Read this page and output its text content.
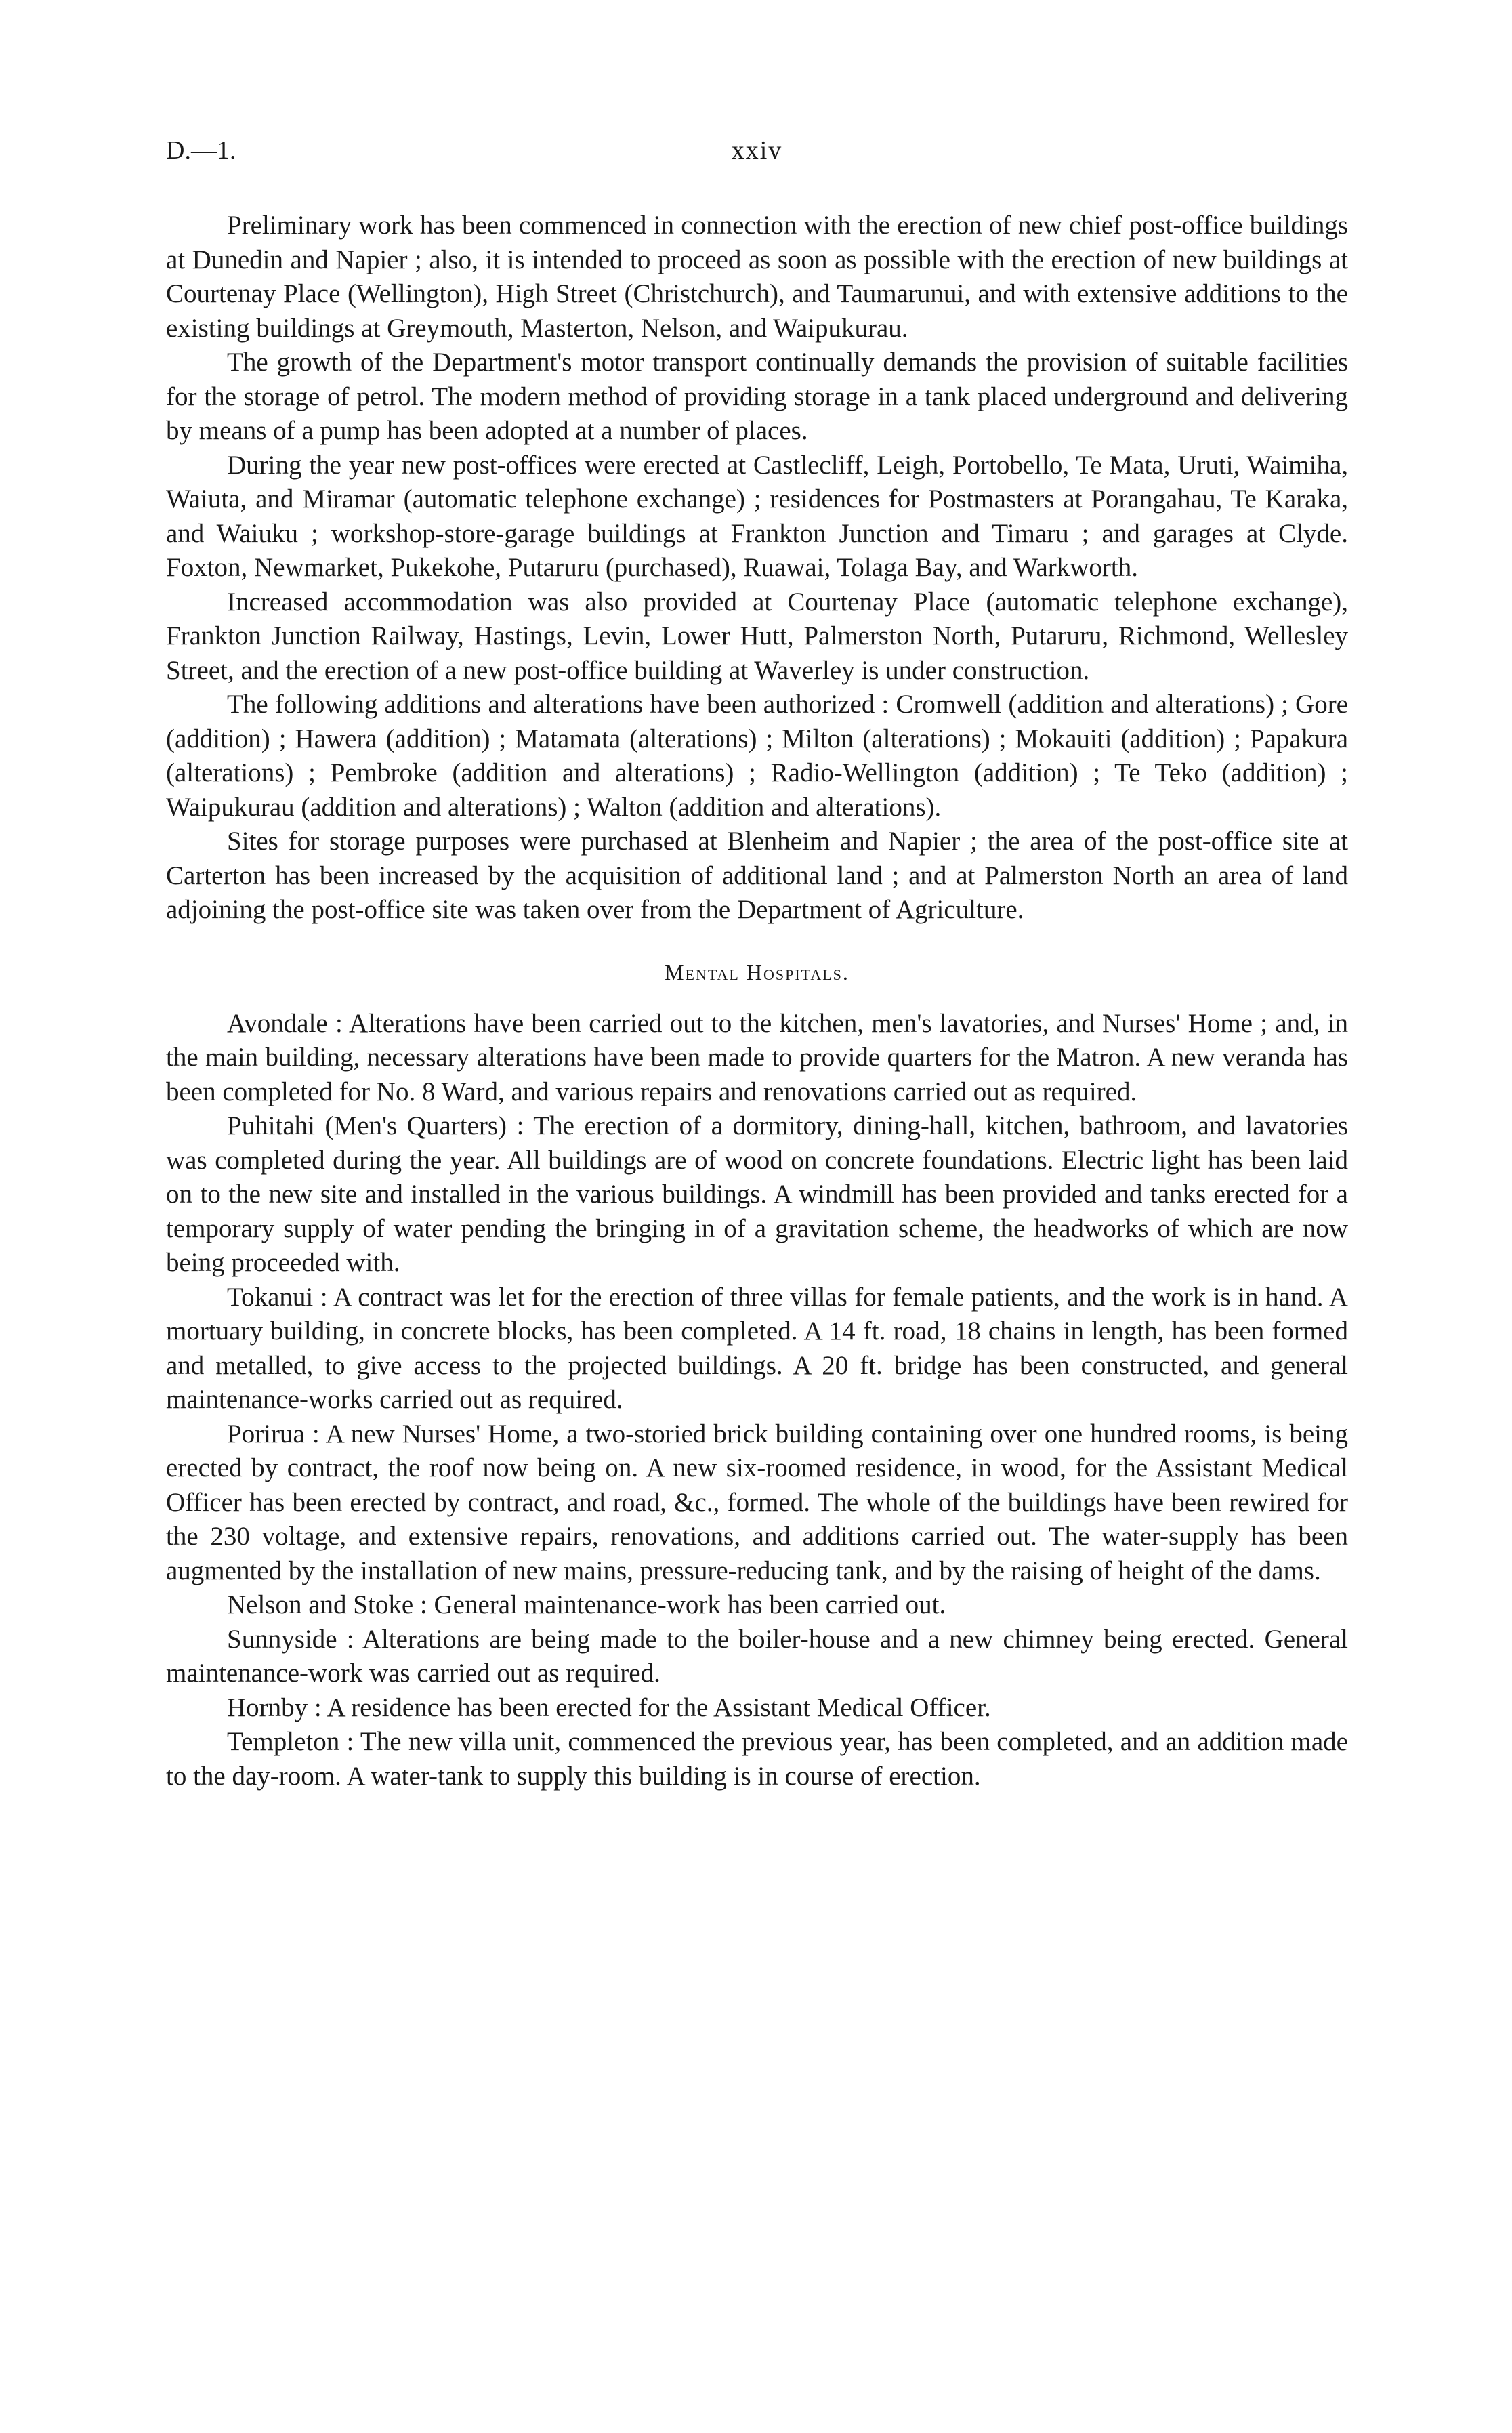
D.—1.	xxiv

Preliminary work has been commenced in connection with the erection of new chief post-office buildings at Dunedin and Napier ; also, it is intended to proceed as soon as possible with the erection of new buildings at Courtenay Place (Wellington), High Street (Christchurch), and Taumarunui, and with extensive additions to the existing buildings at Greymouth, Masterton, Nelson, and Waipukurau.

The growth of the Department's motor transport continually demands the provision of suitable facilities for the storage of petrol. The modern method of providing storage in a tank placed underground and delivering by means of a pump has been adopted at a number of places.

During the year new post-offices were erected at Castlecliff, Leigh, Portobello, Te Mata, Uruti, Waimiha, Waiuta, and Miramar (automatic telephone exchange) ; residences for Postmasters at Porangahau, Te Karaka, and Waiuku ; workshop-store-garage buildings at Frankton Junction and Timaru ; and garages at Clyde. Foxton, Newmarket, Pukekohe, Putaruru (purchased), Ruawai, Tolaga Bay, and Warkworth.

Increased accommodation was also provided at Courtenay Place (automatic telephone exchange), Frankton Junction Railway, Hastings, Levin, Lower Hutt, Palmerston North, Putaruru, Richmond, Wellesley Street, and the erection of a new post-office building at Waverley is under construction.

The following additions and alterations have been authorized : Cromwell (addition and alterations) ; Gore (addition) ; Hawera (addition) ; Matamata (alterations) ; Milton (alterations) ; Mokauiti (addition) ; Papakura (alterations) ; Pembroke (addition and alterations) ; Radio-Wellington (addition) ; Te Teko (addition) ; Waipukurau (addition and alterations) ; Walton (addition and alterations).

Sites for storage purposes were purchased at Blenheim and Napier ; the area of the post-office site at Carterton has been increased by the acquisition of additional land ; and at Palmerston North an area of land adjoining the post-office site was taken over from the Department of Agriculture.

Mental Hospitals.

Avondale : Alterations have been carried out to the kitchen, men's lavatories, and Nurses' Home ; and, in the main building, necessary alterations have been made to provide quarters for the Matron. A new veranda has been completed for No. 8 Ward, and various repairs and renovations carried out as required.

Puhitahi (Men's Quarters) : The erection of a dormitory, dining-hall, kitchen, bathroom, and lavatories was completed during the year. All buildings are of wood on concrete foundations. Electric light has been laid on to the new site and installed in the various buildings. A windmill has been provided and tanks erected for a temporary supply of water pending the bringing in of a gravitation scheme, the headworks of which are now being proceeded with.

Tokanui : A contract was let for the erection of three villas for female patients, and the work is in hand. A mortuary building, in concrete blocks, has been completed. A 14 ft. road, 18 chains in length, has been formed and metalled, to give access to the projected buildings. A 20 ft. bridge has been constructed, and general maintenance-works carried out as required.

Porirua : A new Nurses' Home, a two-storied brick building containing over one hundred rooms, is being erected by contract, the roof now being on. A new six-roomed residence, in wood, for the Assistant Medical Officer has been erected by contract, and road, &c., formed. The whole of the buildings have been rewired for the 230 voltage, and extensive repairs, renovations, and additions carried out. The water-supply has been augmented by the installation of new mains, pressure-reducing tank, and by the raising of height of the dams.

Nelson and Stoke : General maintenance-work has been carried out.

Sunnyside : Alterations are being made to the boiler-house and a new chimney being erected. General maintenance-work was carried out as required.

Hornby : A residence has been erected for the Assistant Medical Officer.

Templeton : The new villa unit, commenced the previous year, has been completed, and an addition made to the day-room. A water-tank to supply this building is in course of erection.
